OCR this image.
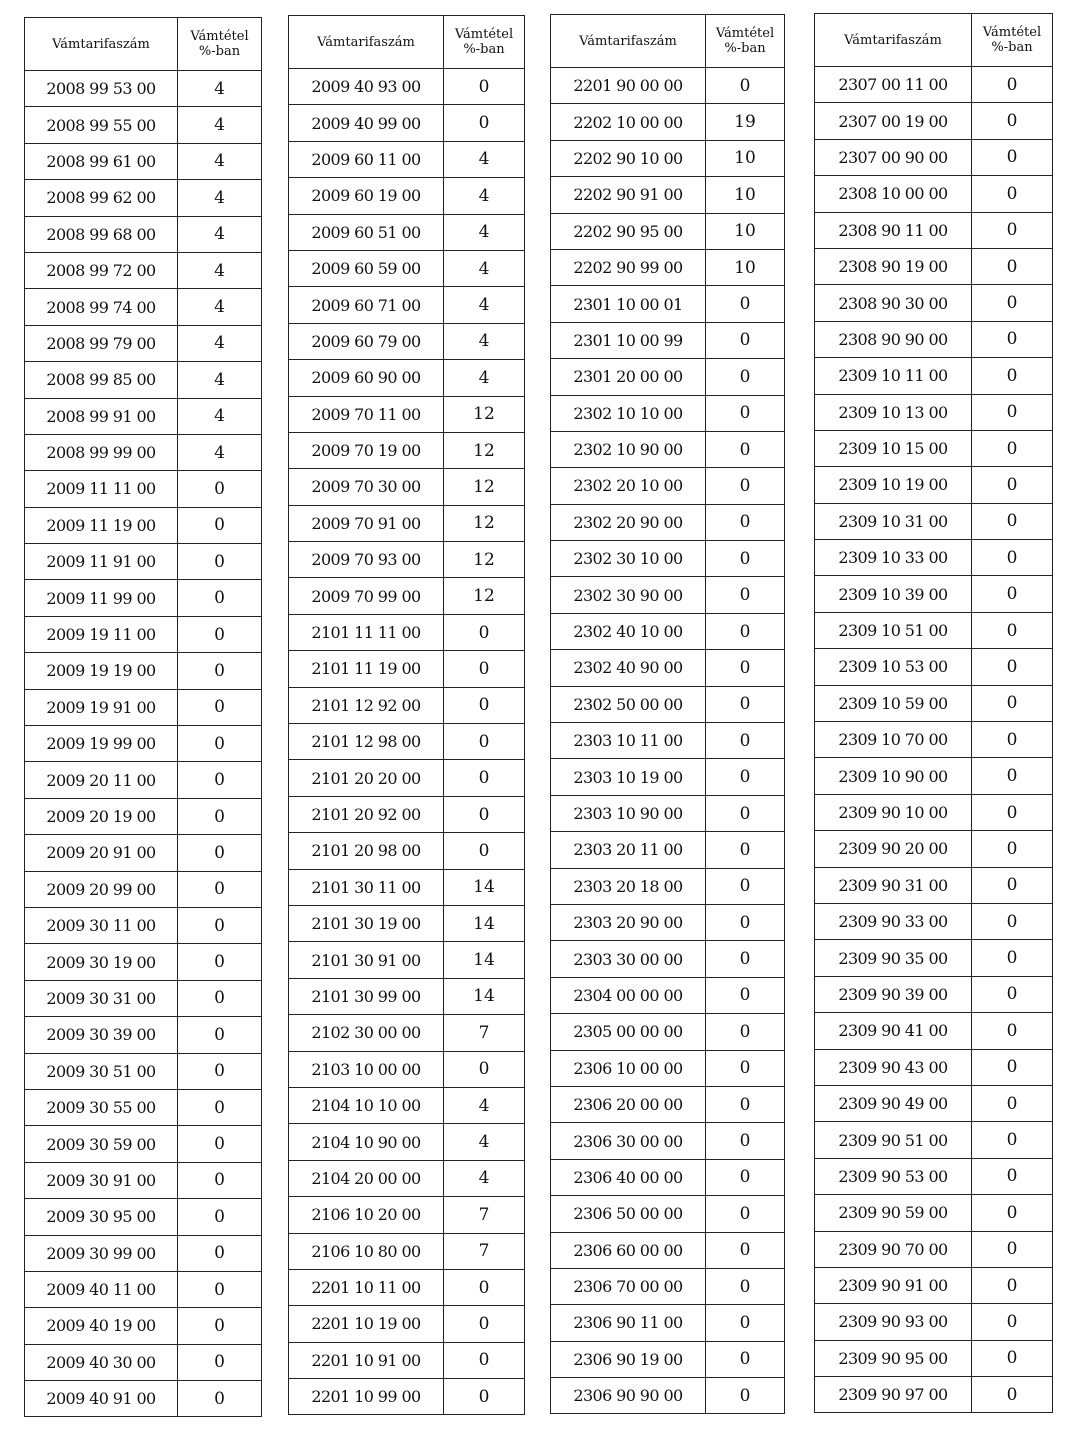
Vámtarifaszám	Vámtétel
%-ban

2008 99 53 00	4
2008 99 55 00	4
2008 99 61 00	4
2008 99 62 00	4
2008 99 68 00	4
2008 99 72 00	4
2008 99 74 00	4
2008 99 79 00	4
2008 99 85 00	4
2008 99 91 00	4
2008 99 99 00	4
2009 11 11 00	0
2009 11 19 00	0
2009 11 91 00	0
2009 11 99 00	0
2009 19 11 00	0
2009 19 19 00	0
2009 19 91 00	0
2009 19 99 00	0
2009 20 11 00	0
2009 20 19 00	0
2009 20 91 00	0
2009 20 99 00	0
2009 30 11 00	0
2009 30 19 00	0
2009 30 31 00	0
2009 30 39 00	0
2009 30 51 00	0
2009 30 55 00	0
2009 30 59 00	0
2009 30 91 00	0
2009 30 95 00	0
2009 30 99 00	0
2009 40 11 00	0
2009 40 19 00	0
2009 40 30 00	0
2009 40 91 00	0
Vámtarifaszám	Vámtétel
%-ban

2009 40 93 00	0
2009 40 99 00	0
2009 60 11 00	4
2009 60 19 00	4
2009 60 51 00	4
2009 60 59 00	4
2009 60 71 00	4
2009 60 79 00	4
2009 60 90 00	4
2009 70 11 00	12
2009 70 19 00	12
2009 70 30 00	12
2009 70 91 00	12
2009 70 93 00	12
2009 70 99 00	12
2101 11 11 00	0
2101 11 19 00	0
2101 12 92 00	0
2101 12 98 00	0
2101 20 20 00	0
2101 20 92 00	0
2101 20 98 00	0
2101 30 11 00	14
2101 30 19 00	14
2101 30 91 00	14
2101 30 99 00	14
2102 30 00 00	7
2103 10 00 00	0
2104 10 10 00	4
2104 10 90 00	4
2104 20 00 00	4
2106 10 20 00	7
2106 10 80 00	7
2201 10 11 00	0
2201 10 19 00	0
2201 10 91 00	0
2201 10 99 00	0
Vámtarifaszám	Vámtétel
%-ban

2201 90 00 00	0
2202 10 00 00	19
2202 90 10 00	10
2202 90 91 00	10
2202 90 95 00	10
2202 90 99 00	10
2301 10 00 01	0
2301 10 00 99	0
2301 20 00 00	0
2302 10 10 00	0
2302 10 90 00	0
2302 20 10 00	0
2302 20 90 00	0
2302 30 10 00	0
2302 30 90 00	0
2302 40 10 00	0
2302 40 90 00	0
2302 50 00 00	0
2303 10 11 00	0
2303 10 19 00	0
2303 10 90 00	0
2303 20 11 00	0
2303 20 18 00	0
2303 20 90 00	0
2303 30 00 00	0
2304 00 00 00	0
2305 00 00 00	0
2306 10 00 00	0
2306 20 00 00	0
2306 30 00 00	0
2306 40 00 00	0
2306 50 00 00	0
2306 60 00 00	0
2306 70 00 00	0
2306 90 11 00	0
2306 90 19 00	0
2306 90 90 00	0
Vámtarifaszám	Vámtétel
%-ban

2307 00 11 00	0
2307 00 19 00	0
2307 00 90 00	0
2308 10 00 00	0
2308 90 11 00	0
2308 90 19 00	0
2308 90 30 00	0
2308 90 90 00	0
2309 10 11 00	0
2309 10 13 00	0
2309 10 15 00	0
2309 10 19 00	0
2309 10 31 00	0
2309 10 33 00	0
2309 10 39 00	0
2309 10 51 00	0
2309 10 53 00	0
2309 10 59 00	0
2309 10 70 00	0
2309 10 90 00	0
2309 90 10 00	0
2309 90 20 00	0
2309 90 31 00	0
2309 90 33 00	0
2309 90 35 00	0
2309 90 39 00	0
2309 90 41 00	0
2309 90 43 00	0
2309 90 49 00	0
2309 90 51 00	0
2309 90 53 00	0
2309 90 59 00	0
2309 90 70 00	0
2309 90 91 00	0
2309 90 93 00	0
2309 90 95 00	0
2309 90 97 00	0
